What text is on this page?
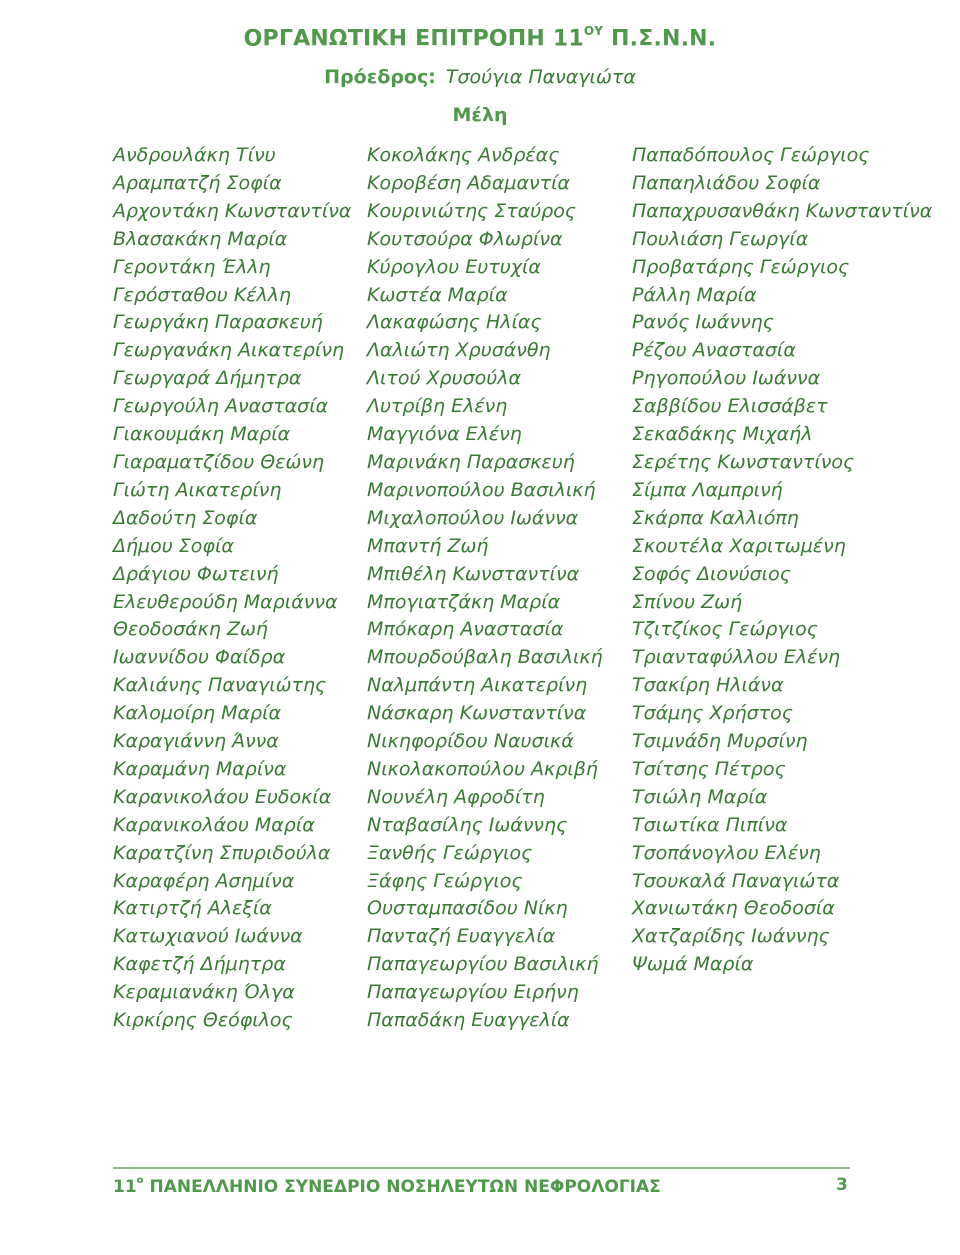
ΟΡΓΑΝΩΤΙΚΗ ΕΠΙΤΡΟΠΗ $11^{O\Upsilon}$ Π.Σ.Ν.Ν.
Πρόεδρος: Τσούγια Παναγιώτα
Μέλη
Ανδρουλάκη Τίνυ
Αραμπατζή Σοφία
Αρχοντάκη Κωνσταντίνα
Βλασακάκη Μαρία
Γεροντάκη Έλλη
Γερόσταθου Κέλλη
Γεωργάκη Παρασκευή
Γεωργανάκη Αικατερίνη
Γεωργαρά Δήμητρα
Γεωργούλη Αναστασία
Γιακουμάκη Μαρία
Γιαραματζίδου Θεώνη
Γιώτη Αικατερίνη
Δαδούτη Σοφία
Δήμου Σοφία
Δράγιου Φωτεινή
Ελευθερούδη Μαριάννα
Θεοδοσάκη Ζωή
Ιωαννίδου Φαίδρα
Καλιάνης Παναγιώτης
Καλομοίρη Μαρία
Καραγιάννη Άννα
Καραμάνη Μαρίνα
Καρανικολάου Ευδοκία
Καρανικολάου Μαρία
Καρατζίνη Σπυριδούλα
Καραφέρη Ασημίνα
Κατιρτζή Αλεξία
Κατωχιανού Ιωάννα
Καφετζή Δήμητρα
Κεραμιανάκη Όλγα
Κιρκίρης Θεόφιλος
Κοκολάκης Ανδρέας
Κοροβέση Αδαμαντία
Κουρινιώτης Σταύρος
Κουτσούρα Φλωρίνα
Κύρογλου Ευτυχία
Κωστέα Μαρία
Λακαφώσης Ηλίας
Λαλιώτη Χρυσάνθη
Λιτού Χρυσούλα
Λυτρίβη Ελένη
Μαγγιόνα Ελένη
Μαρινάκη Παρασκευή
Μαρινοπούλου Βασιλική
Μιχαλοπούλου Ιωάννα
Μπαντή Ζωή
Μπιθέλη Κωνσταντίνα
Μπογιατζάκη Μαρία
Μπόκαρη Αναστασία
Μπουρδούβαλη Βασιλική
Ναλμπάντη Αικατερίνη
Νάσκαρη Κωνσταντίνα
Νικηφορίδου Ναυσικά
Νικολακοπούλου Ακριβή
Νουνέλη Αφροδίτη
Νταβασίλης Ιωάννης
Ξανθής Γεώργιος
Ξάφης Γεώργιος
Ουσταμπασίδου Νίκη
Πανταζή Ευαγγελία
Παπαγεωργίου Βασιλική
Παπαγεωργίου Ειρήνη
Παπαδάκη Ευαγγελία
Παπαδόπουλος Γεώργιος
Παπαηλιάδου Σοφία
Παπαχρυσανθάκη Κωνσταντίνα
Πουλιάση Γεωργία
Προβατάρης Γεώργιος
Ράλλη Μαρία
Ρανός Ιωάννης
Ρέζου Αναστασία
Ρηγοπούλου Ιωάννα
Σαββίδου Ελισσάβετ
Σεκαδάκης Μιχαήλ
Σερέτης Κωνσταντίνος
Σίμπα Λαμπρινή
Σκάρπα Καλλιόπη
Σκουτέλα Χαριτωμένη
Σοφός Διονύσιος
Σπίνου Ζωή
Τζιτζίκος Γεώργιος
Τριανταφύλλου Ελένη
Τσακίρη Ηλιάνα
Τσάμης Χρήστος
Τσιμνάδη Μυρσίνη
Τσίτσης Πέτρος
Τσιώλη Μαρία
Τσιωτίκα Πιπίνα
Τσοπάνογλου Ελένη
Τσουκαλά Παναγιώτα
Χανιωτάκη Θεοδοσία
Χατζαρίδης Ιωάννης
Ψωμά Μαρία
$11^o$ ΠΑΝΕΛΛΗΝΙΟ ΣΥΝΕΔΡΙΟ ΝΟΣΗΛΕΥΤΩΝ ΝΕΦΡΟΛΟΓΙΑΣ	3
